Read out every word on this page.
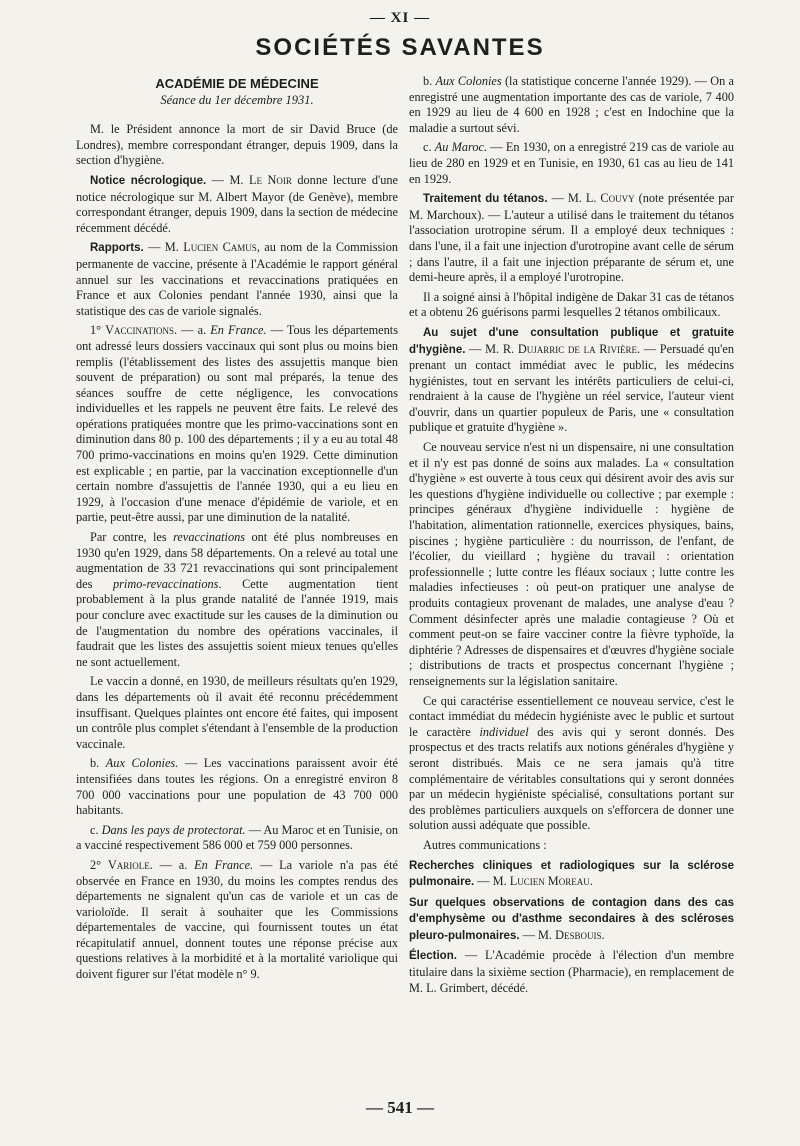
— XI —
SOCIÉTÉS SAVANTES
ACADÉMIE DE MÉDECINE
Séance du 1er décembre 1931.

M. le Président annonce la mort de sir David Bruce (de Londres), membre correspondant étranger, depuis 1909, dans la section d'hygiène.

Notice nécrologique. — M. Le Noir donne lecture d'une notice nécrologique sur M. Albert Mayor (de Genève), membre correspondant étranger, depuis 1909, dans la section de médecine récemment décédé.

Rapports. — M. Lucien Camus, au nom de la Commission permanente de vaccine, présente à l'Académie le rapport général annuel sur les vaccinations et revaccinations pratiquées en France et aux Colonies pendant l'année 1930, ainsi que la statistique des cas de variole signalés.

1° Vaccinations. — a. En France. — Tous les départements ont adressé leurs dossiers vaccinaux qui sont plus ou moins bien remplis (l'établissement des listes des assujettis manque bien souvent de préparation) ou sont mal préparés, la tenue des séances souffre de cette négligence, les convocations individuelles et les rappels ne peuvent être faits. Le relevé des opérations pratiquées montre que les primo-vaccinations sont en diminution dans 80 p. 100 des départements ; il y a eu au total 48 700 primo-vaccinations en moins qu'en 1929. Cette diminution est explicable ; en partie, par la vaccination exceptionnelle d'un certain nombre d'assujettis de l'année 1930, qui a eu lieu en 1929, à l'occasion d'une menace d'épidémie de variole, et en partie, peut-être aussi, par une diminution de la natalité.

Par contre, les revaccinations ont été plus nombreuses en 1930 qu'en 1929, dans 58 départements. On a relevé au total une augmentation de 33 721 revaccinations qui sont principalement des primo-revaccinations. Cette augmentation tient probablement à la plus grande natalité de l'année 1919, mais pour conclure avec exactitude sur les causes de la diminution ou de l'augmentation du nombre des opérations vaccinales, il faudrait que les listes des assujettis soient mieux tenues qu'elles ne sont actuellement.

Le vaccin a donné, en 1930, de meilleurs résultats qu'en 1929, dans les départements où il avait été reconnu précédemment insuffisant. Quelques plaintes ont encore été faites, qui imposent un contrôle plus complet s'étendant à l'ensemble de la production vaccinale.

b. Aux Colonies. — Les vaccinations paraissent avoir été intensifiées dans toutes les régions. On a enregistré environ 8 700 000 vaccinations pour une population de 43 700 000 habitants.

c. Dans les pays de protectorat. — Au Maroc et en Tunisie, on a vacciné respectivement 586 000 et 759 000 personnes.

2° Variole. — a. En France. — La variole n'a pas été observée en France en 1930, du moins les comptes rendus des départements ne signalent qu'un cas de variole et un cas de varioloïde. Il serait à souhaiter que les Commissions départementales de vaccine, qui fournissent toutes un état récapitulatif annuel, donnent toutes une réponse précise aux questions relatives à la morbidité et à la mortalité variolique qui doivent figurer sur l'état modèle n° 9.

b. Aux Colonies (la statistique concerne l'année 1929). — On a enregistré une augmentation importante des cas de variole, 7 400 en 1929 au lieu de 4 600 en 1928 ; c'est en Indochine que la maladie a surtout sévi.

c. Au Maroc. — En 1930, on a enregistré 219 cas de variole au lieu de 280 en 1929 et en Tunisie, en 1930, 61 cas au lieu de 141 en 1929.

Traitement du tétanos. — M. L. Couvy (note présentée par M. Marchoux). — L'auteur a utilisé dans le traitement du tétanos l'association urotropine sérum. Il a employé deux techniques : dans l'une, il a fait une injection d'urotropine avant celle de sérum ; dans l'autre, il a fait une injection préparante de sérum et, une demi-heure après, il a employé l'urotropine.

Il a soigné ainsi à l'hôpital indigène de Dakar 31 cas de tétanos et a obtenu 26 guérisons parmi lesquelles 2 tétanos ombilicaux.

Au sujet d'une consultation publique et gratuite d'hygiène. — M. R. Dujarric de la Rivière. — Persuadé qu'en prenant un contact immédiat avec le public, les médecins hygiénistes, tout en servant les intérêts particuliers de celui-ci, rendraient à la cause de l'hygiène un réel service, l'auteur vient d'ouvrir, dans un quartier populeux de Paris, une « consultation publique et gratuite d'hygiène ».

Ce nouveau service n'est ni un dispensaire, ni une consultation et il n'y est pas donné de soins aux malades. La « consultation d'hygiène » est ouverte à tous ceux qui désirent avoir des avis sur les questions d'hygiène individuelle ou collective ; par exemple : principes généraux d'hygiène individuelle : hygiène de l'habitation, alimentation rationnelle, exercices physiques, bains, piscines ; hygiène particulière : du nourrisson, de l'enfant, de l'écolier, du vieillard ; hygiène du travail : orientation professionnelle ; lutte contre les fléaux sociaux ; lutte contre les maladies infectieuses : où peut-on pratiquer une analyse de produits contagieux provenant de malades, une analyse d'eau ? Comment désinfecter après une maladie contagieuse ? Où et comment peut-on se faire vacciner contre la fièvre typhoïde, la diphtérie ? Adresses de dispensaires et d'œuvres d'hygiène sociale ; distributions de tracts et prospectus concernant l'hygiène ; renseignements sur la législation sanitaire.

Ce qui caractérise essentiellement ce nouveau service, c'est le contact immédiat du médecin hygiéniste avec le public et surtout le caractère individuel des avis qui y seront donnés. Des prospectus et des tracts relatifs aux notions générales d'hygiène y seront distribués. Mais ce ne sera jamais qu'à titre complémentaire de véritables consultations qui y seront données par un médecin hygiéniste spécialisé, consultations portant sur des problèmes particuliers auxquels on s'efforcera de donner une solution aussi adéquate que possible.

Autres communications :

Recherches cliniques et radiologiques sur la sclérose pulmonaire. — M. Lucien Moreau.

Sur quelques observations de contagion dans des cas d'emphysème ou d'asthme secondaires à des scléroses pleuro-pulmonaires. — M. Desbouis.

Élection. — L'Académie procède à l'élection d'un membre titulaire dans la sixième section (Pharmacie), en remplacement de M. L. Grimbert, décédé.

— 541 —
